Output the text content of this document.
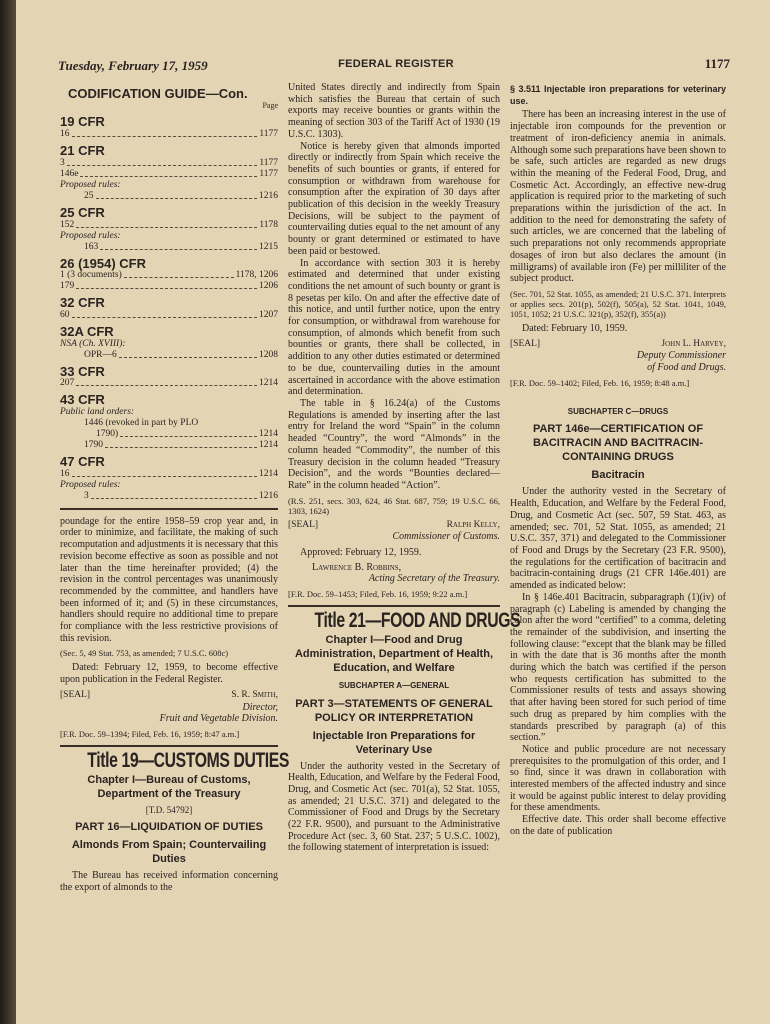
Tuesday, February 17, 1959	FEDERAL REGISTER	1177
CODIFICATION GUIDE—Con.
Page
19 CFR
16	1177
21 CFR
3	1177
146e	1177
Proposed rules:
25	1216
25 CFR
152	1178
Proposed rules:
163	1215
26 (1954) CFR
1 (3 documents)	1178, 1206
179	1206
32 CFR
60	1207
32A CFR
NSA (Ch. XVIII):
OPR—6	1208
33 CFR
207	1214
43 CFR
Public land orders:
1446 (revoked in part by PLO
1790)	1214
1790	1214
47 CFR
16	1214
Proposed rules:
3	1216

poundage for the entire 1958–59 crop year and, in order to minimize, and facilitate, the making of such recomputation and adjustments it is necessary that this revision become effective as soon as possible and not later than the time hereinafter provided; (4) the revision in the control percentages was unanimously recommended by the committee, and handlers have been informed of it; and (5) in these circumstances, handlers should require no additional time to prepare for compliance with the less restrictive provisions of this revision.

(Sec. 5, 49 Stat. 753, as amended; 7 U.S.C. 608c)

Dated: February 12, 1959, to become effective upon publication in the Federal Register.

[SEAL]	S. R. Smith,
Director,
Fruit and Vegetable Division.

[F.R. Doc. 59–1394; Filed, Feb. 16, 1959; 8:47 a.m.]

Title 19—CUSTOMS DUTIES
Chapter I—Bureau of Customs, Department of the Treasury
[T.D. 54792]
PART 16—LIQUIDATION OF DUTIES
Almonds From Spain; Countervailing Duties

The Bureau has received information concerning the export of almonds to the

United States directly and indirectly from Spain which satisfies the Bureau that certain of such exports may receive bounties or grants within the meaning of section 303 of the Tariff Act of 1930 (19 U.S.C. 1303).

Notice is hereby given that almonds imported directly or indirectly from Spain which receive the benefits of such bounties or grants, if entered for consumption or withdrawn from warehouse for consumption after the expiration of 30 days after publication of this decision in the weekly Treasury Decisions, will be subject to the payment of countervailing duties equal to the net amount of any bounty or grant determined or estimated to have been paid or bestowed.

In accordance with section 303 it is hereby estimated and determined that under existing conditions the net amount of such bounty or grant is 8 pesetas per kilo. On and after the effective date of this notice, and until further notice, upon the entry for consumption, or withdrawal from warehouse for consumption, of almonds which benefit from such bounties or grants, there shall be collected, in addition to any other duties estimated or determined to be due, countervailing duties in the amount ascertained in accordance with the above estimation and determination.

The table in § 16.24(a) of the Customs Regulations is amended by inserting after the last entry for Ireland the word “Spain” in the column headed “Country”, the word “Almonds” in the column headed “Commodity”, the number of this Treasury decision in the column headed “Treasury Decision”, and the words “Bounties declared—Rate” in the column headed “Action”.

(R.S. 251, secs. 303, 624, 46 Stat. 687, 759; 19 U.S.C. 66, 1303, 1624)

[SEAL]	Ralph Kelly,
Commissioner of Customs.

Approved: February 12, 1959.

Lawrence B. Robbins,
Acting Secretary of the Treasury.

[F.R. Doc. 59–1453; Filed, Feb. 16, 1959; 9:22 a.m.]

Title 21—FOOD AND DRUGS
Chapter I—Food and Drug Administration, Department of Health, Education, and Welfare
SUBCHAPTER A—GENERAL
PART 3—STATEMENTS OF GENERAL POLICY OR INTERPRETATION
Injectable Iron Preparations for Veterinary Use

Under the authority vested in the Secretary of Health, Education, and Welfare by the Federal Food, Drug, and Cosmetic Act (sec. 701(a), 52 Stat. 1055, as amended; 21 U.S.C. 371) and delegated to the Commissioner of Food and Drugs by the Secretary (22 F.R. 9500), and pursuant to the Administrative Procedure Act (sec. 3, 60 Stat. 237; 5 U.S.C. 1002), the following statement of interpretation is issued:

§ 3.511 Injectable iron preparations for veterinary use.

There has been an increasing interest in the use of injectable iron compounds for the prevention or treatment of iron-deficiency anemia in animals. Although some such preparations have been shown to be safe, such articles are regarded as new drugs within the meaning of the Federal Food, Drug, and Cosmetic Act. Accordingly, an effective new-drug application is required prior to the marketing of such preparations within the jurisdiction of the act. In addition to the need for demonstrating the safety of such articles, we are concerned that the labeling of such preparations not only recommends appropriate dosages of iron but also declares the amount (in milligrams) of available iron (Fe) per milliliter of the subject product.

(Sec. 701, 52 Stat. 1055, as amended; 21 U.S.C. 371. Interprets or applies secs. 201(p), 502(f), 505(a), 52 Stat. 1041, 1049, 1051, 1052; 21 U.S.C. 321(p), 352(f), 355(a))

Dated: February 10, 1959.

[SEAL]	John L. Harvey,
Deputy Commissioner
of Food and Drugs.

[F.R. Doc. 59–1402; Filed, Feb. 16, 1959; 8:48 a.m.]

SUBCHAPTER C—DRUGS
PART 146e—CERTIFICATION OF BACITRACIN AND BACITRACIN-CONTAINING DRUGS
Bacitracin

Under the authority vested in the Secretary of Health, Education, and Welfare by the Federal Food, Drug, and Cosmetic Act (sec. 507, 59 Stat. 463, as amended; sec. 701, 52 Stat. 1055, as amended; 21 U.S.C. 357, 371) and delegated to the Commissioner of Food and Drugs by the Secretary (23 F.R. 9500), the regulations for the certification of bacitracin and bacitracin-containing drugs (21 CFR 146e.401) are amended as indicated below:

In § 146e.401 Bacitracin, subparagraph (1)(iv) of paragraph (c) Labeling is amended by changing the colon after the word “certified” to a comma, deleting the remainder of the subdivision, and inserting the following clause: “except that the blank may be filled in with the date that is 36 months after the month during which the batch was certified if the person who requests certification has submitted to the Commissioner results of tests and assays showing that after having been stored for such period of time such drug as prepared by him complies with the standards prescribed by paragraph (a) of this section.”

Notice and public procedure are not necessary prerequisites to the promulgation of this order, and I so find, since it was drawn in collaboration with interested members of the affected industry and since it would be against public interest to delay providing for these amendments.

Effective date. This order shall become effective on the date of publication
